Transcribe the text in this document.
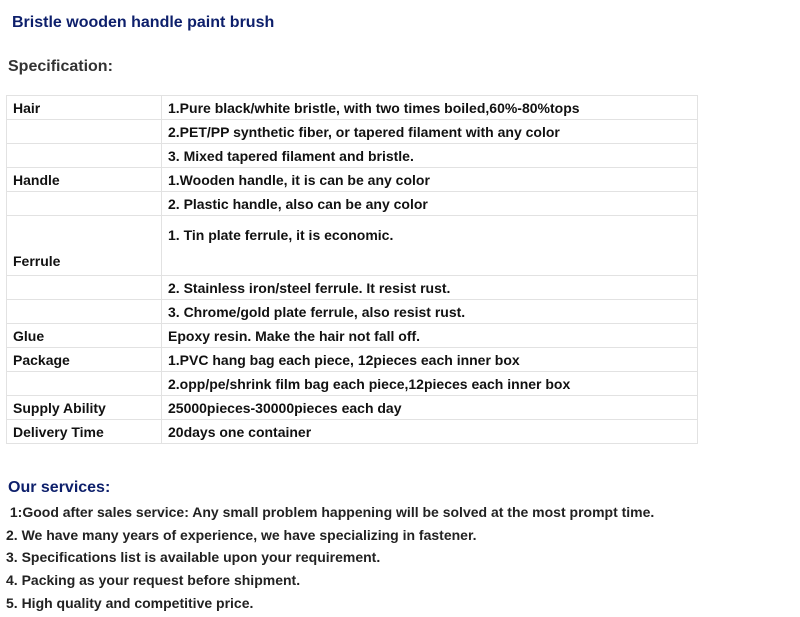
Bristle wooden handle paint brush
Specification:
Hair	1.Pure black/white bristle, with two times boiled,60%-80%tops
	2.PET/PP synthetic fiber, or tapered filament with any color
	3. Mixed tapered filament and bristle.
Handle	1.Wooden handle, it is can be any color
	2. Plastic handle, also can be any color
Ferrule	1. Tin plate ferrule, it is economic.
	2. Stainless iron/steel ferrule. It resist rust.
	3. Chrome/gold plate ferrule, also resist rust.
Glue	Epoxy resin. Make the hair not fall off.
Package	1.PVC hang bag each piece, 12pieces each inner box
	2.opp/pe/shrink film bag each piece,12pieces each inner box
Supply Ability	25000pieces-30000pieces each day
Delivery Time	20days one container
Our services:
1:Good after sales service: Any small problem happening will be solved at the most prompt time.
2. We have many years of experience, we have specializing in fastener.
3. Specifications list is available upon your requirement.
4. Packing as your request before shipment.
5. High quality and competitive price.
